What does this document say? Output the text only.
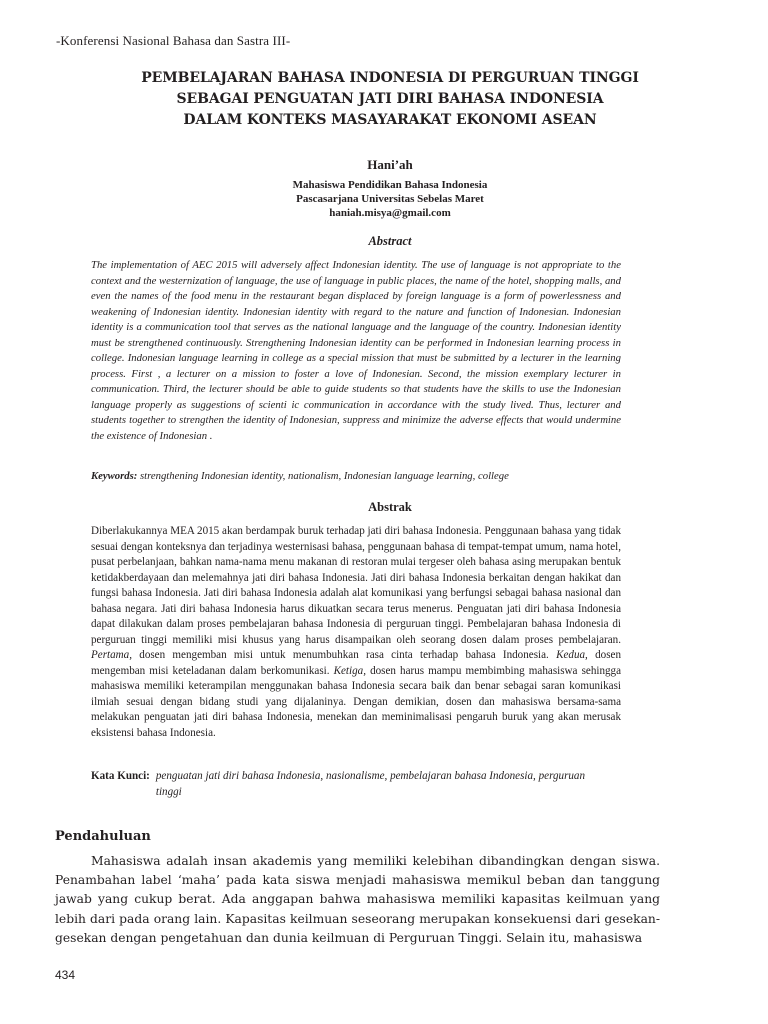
-Konferensi Nasional Bahasa dan Sastra III-
PEMBELAJARAN BAHASA INDONESIA DI PERGURUAN TINGGI
SEBAGAI PENGUATAN JATI DIRI BAHASA INDONESIA
DALAM KONTEKS MASAYARAKAT EKONOMI ASEAN
Hani’ah
Mahasiswa Pendidikan Bahasa Indonesia
Pascasarjana Universitas Sebelas Maret
haniah.misya@gmail.com
Abstract

The implementation of AEC 2015 will adversely affect Indonesian identity. The use of language is not appropriate to the context and the westernization of language, the use of language in public places, the name of the hotel, shopping malls, and even the names of the food menu in the restaurant began displaced by foreign language is a form of powerlessness and weakening of Indonesian identity. Indonesian identity with regard to the nature and function of Indonesian. Indonesian identity is a communication tool that serves as the national language and the language of the country. Indonesian identity must be strengthened continuously. Strengthening Indonesian identity can be performed in Indonesian learning process in college. Indonesian language learning in college as a special mission that must be submitted by a lecturer in the learning process. First , a lecturer on a mission to foster a love of Indonesian. Second, the mission exemplary lecturer in communication. Third, the lecturer should be able to guide students so that students have the skills to use the Indonesian language properly as suggestions of scienti ic communication in accordance with the study lived. Thus, lecturer and students together to strengthen the identity of Indonesian, suppress and minimize the adverse effects that would undermine the existence of Indonesian .

Keywords: strengthening Indonesian identity, nationalism, Indonesian language learning, college
Abstrak

Diberlakukannya MEA 2015 akan berdampak buruk terhadap jati diri bahasa Indonesia. Penggunaan bahasa yang tidak sesuai dengan konteksnya dan terjadinya westernisasi bahasa, penggunaan bahasa di tempat-tempat umum, nama hotel, pusat perbelanjaan, bahkan nama-nama menu makanan di restoran mulai tergeser oleh bahasa asing merupakan bentuk ketidakberdayaan dan melemahnya jati diri bahasa Indonesia. Jati diri bahasa Indonesia berkaitan dengan hakikat dan fungsi bahasa Indonesia. Jati diri bahasa Indonesia adalah alat komunikasi yang berfungsi sebagai bahasa nasional dan bahasa negara. Jati diri bahasa Indonesia harus dikuatkan secara terus menerus. Penguatan jati diri bahasa Indonesia dapat dilakukan dalam proses pembelajaran bahasa Indonesia di perguruan tinggi. Pembelajaran bahasa Indonesia di perguruan tinggi memiliki misi khusus yang harus disampaikan oleh seorang dosen dalam proses pembelajaran. Pertama, dosen mengemban misi untuk menumbuhkan rasa cinta terhadap bahasa Indonesia. Kedua, dosen mengemban misi keteladanan dalam berkomunikasi. Ketiga, dosen harus mampu membimbing mahasiswa sehingga mahasiswa memiliki keterampilan menggunakan bahasa Indonesia secara baik dan benar sebagai saran komunikasi ilmiah sesuai dengan bidang studi yang dijalaninya. Dengan demikian, dosen dan mahasiswa bersama-sama melakukan penguatan jati diri bahasa Indonesia, menekan dan meminimalisasi pengaruh buruk yang akan merusak eksistensi bahasa Indonesia.

Kata Kunci: penguatan jati diri bahasa Indonesia, nasionalisme, pembelajaran bahasa Indonesia, perguruan tinggi
Pendahuluan

Mahasiswa adalah insan akademis yang memiliki kelebihan dibandingkan dengan siswa. Penambahan label ‘maha’ pada kata siswa menjadi mahasiswa memikul beban dan tanggung jawab yang cukup berat. Ada anggapan bahwa mahasiswa memiliki kapasitas keilmuan yang lebih dari pada orang lain. Kapasitas keilmuan seseorang merupakan konsekuensi dari gesekan-gesekan dengan pengetahuan dan dunia keilmuan di Perguruan Tinggi. Selain itu, mahasiswa

434
